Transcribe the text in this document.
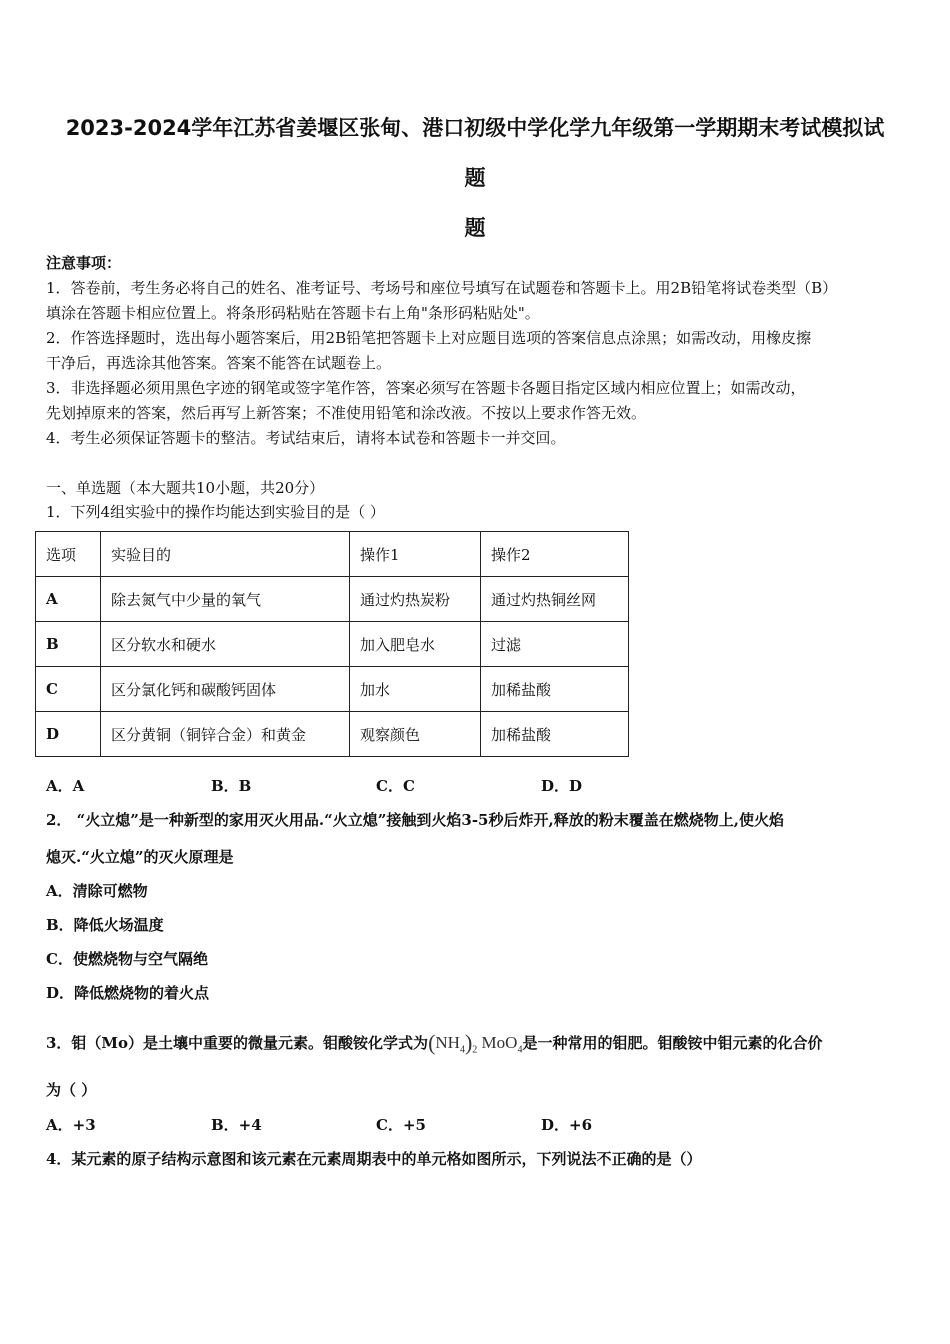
2023-2024学年江苏省姜堰区张甸、港口初级中学化学九年级第一学期期末考试模拟试
题
题
注意事项：
1．答卷前，考生务必将自己的姓名、准考证号、考场号和座位号填写在试题卷和答题卡上。用2B铅笔将试卷类型（B）
填涂在答题卡相应位置上。将条形码粘贴在答题卡右上角"条形码粘贴处"。
2．作答选择题时，选出每小题答案后，用2B铅笔把答题卡上对应题目选项的答案信息点涂黑；如需改动，用橡皮擦
干净后，再选涂其他答案。答案不能答在试题卷上。
3．非选择题必须用黑色字迹的钢笔或签字笔作答，答案必须写在答题卡各题目指定区域内相应位置上；如需改动，
先划掉原来的答案，然后再写上新答案；不准使用铅笔和涂改液。不按以上要求作答无效。
4．考生必须保证答题卡的整洁。考试结束后，请将本试卷和答题卡一并交回。
一、单选题（本大题共10小题，共20分）
1．下列4组实验中的操作均能达到实验目的是（ ）
选项	实验目的	操作1	操作2
A	除去氮气中少量的氧气	通过灼热炭粉	通过灼热铜丝网
B	区分软水和硬水	加入肥皂水	过滤
C	区分氯化钙和碳酸钙固体	加水	加稀盐酸
D	区分黄铜（铜锌合金）和黄金	观察颜色	加稀盐酸
A．A	B．B	C．C	D．D
2． “火立熄”是一种新型的家用灭火用品.“火立熄”接触到火焰3-5秒后炸开,释放的粉末覆盖在燃烧物上,使火焰
熄灭.“火立熄”的灭火原理是
A．清除可燃物
B．降低火场温度
C．使燃烧物与空气隔绝
D．降低燃烧物的着火点
3．钼（Mo）是土壤中重要的微量元素。钼酸铵化学式为$(NH_4)_2$ MoO$_4$是一种常用的钼肥。钼酸铵中钼元素的化合价
为（ ）
A．+3	B．+4	C．+5	D．+6
4．某元素的原子结构示意图和该元素在元素周期表中的单元格如图所示，下列说法不正确的是（）
